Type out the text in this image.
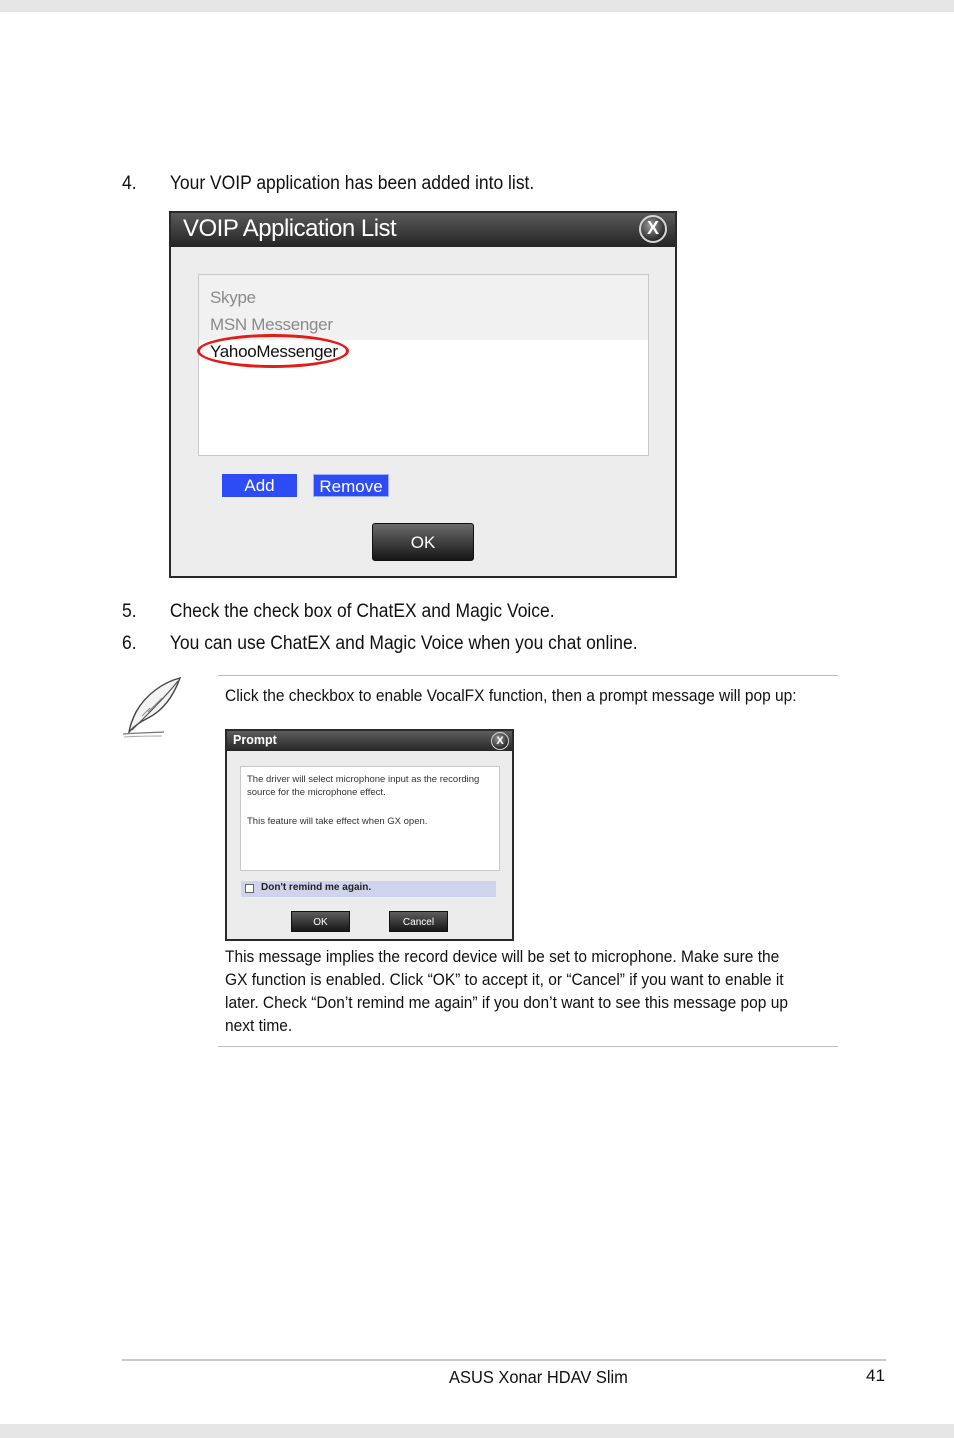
4. Your VOIP application has been added into list.
VOIP Application List	X
Skype
MSN Messenger
YahooMessenger
Add	Remove
OK
5. Check the check box of ChatEX and Magic Voice.
6. You can use ChatEX and Magic Voice when you chat online.
Click the checkbox to enable VocalFX function, then a prompt message will pop up:
Prompt	X
The driver will select microphone input as the recording source for the microphone effect.
This feature will take effect when GX open.
Don't remind me again.
OK	Cancel
This message implies the record device will be set to microphone. Make sure the GX function is enabled. Click “OK” to accept it, or “Cancel” if you want to enable it later. Check “Don’t remind me again” if you don’t want to see this message pop up next time.
ASUS Xonar HDAV Slim	41
